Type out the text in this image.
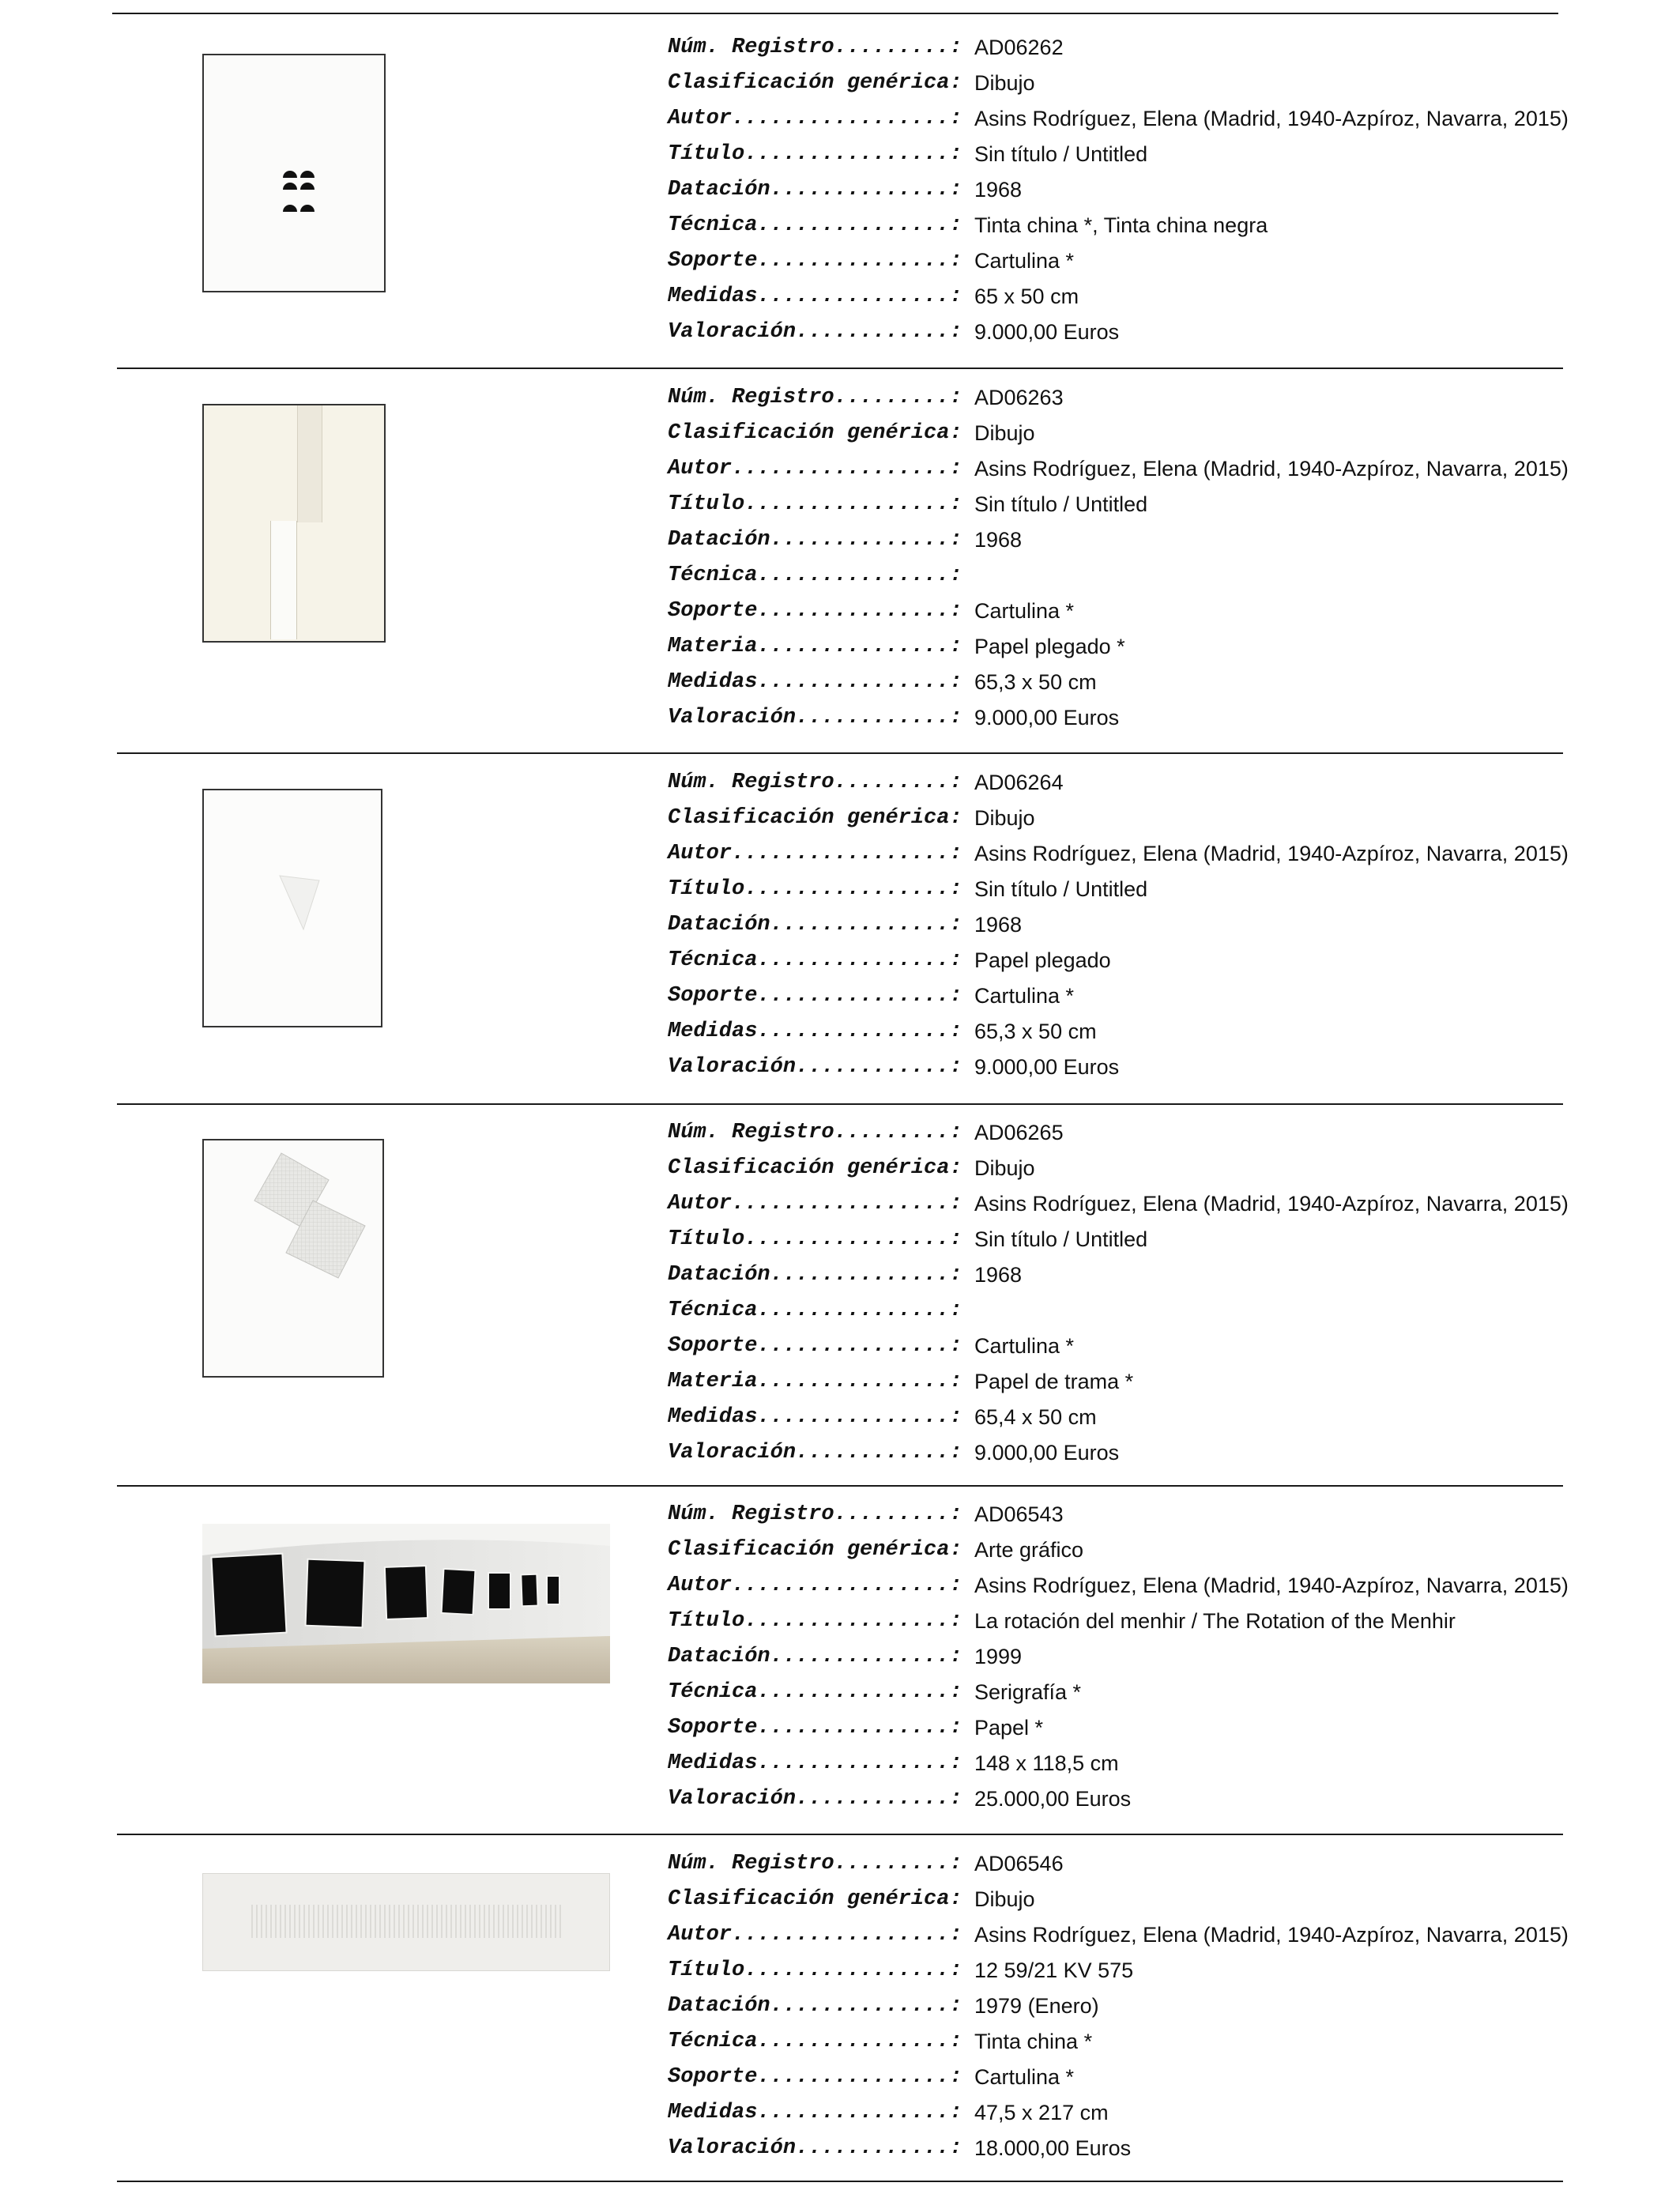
Núm. Registro.........: AD06262
Clasificación genérica: Dibujo
Autor.................: Asins Rodríguez, Elena (Madrid, 1940-Azpíroz, Navarra, 2015)
Título................: Sin título / Untitled
Datación..............: 1968
Técnica...............: Tinta china *, Tinta china negra
Soporte...............: Cartulina *
Medidas...............: 65 x 50 cm
Valoración............: 9.000,00 Euros
Núm. Registro.........: AD06263
Clasificación genérica: Dibujo
Autor.................: Asins Rodríguez, Elena (Madrid, 1940-Azpíroz, Navarra, 2015)
Título................: Sin título / Untitled
Datación..............: 1968
Técnica...............:
Soporte...............: Cartulina *
Materia...............: Papel plegado *
Medidas...............: 65,3 x 50 cm
Valoración............: 9.000,00 Euros
Núm. Registro.........: AD06264
Clasificación genérica: Dibujo
Autor.................: Asins Rodríguez, Elena (Madrid, 1940-Azpíroz, Navarra, 2015)
Título................: Sin título / Untitled
Datación..............: 1968
Técnica...............: Papel plegado
Soporte...............: Cartulina *
Medidas...............: 65,3 x 50 cm
Valoración............: 9.000,00 Euros
Núm. Registro.........: AD06265
Clasificación genérica: Dibujo
Autor.................: Asins Rodríguez, Elena (Madrid, 1940-Azpíroz, Navarra, 2015)
Título................: Sin título / Untitled
Datación..............: 1968
Técnica...............:
Soporte...............: Cartulina *
Materia...............: Papel de trama *
Medidas...............: 65,4 x 50 cm
Valoración............: 9.000,00 Euros
Núm. Registro.........: AD06543
Clasificación genérica: Arte gráfico
Autor.................: Asins Rodríguez, Elena (Madrid, 1940-Azpíroz, Navarra, 2015)
Título................: La rotación del menhir / The Rotation of the Menhir
Datación..............: 1999
Técnica...............: Serigrafía *
Soporte...............: Papel *
Medidas...............: 148 x 118,5 cm
Valoración............: 25.000,00 Euros
Núm. Registro.........: AD06546
Clasificación genérica: Dibujo
Autor.................: Asins Rodríguez, Elena (Madrid, 1940-Azpíroz, Navarra, 2015)
Título................: 12 59/21 KV 575
Datación..............: 1979 (Enero)
Técnica...............: Tinta china *
Soporte...............: Cartulina *
Medidas...............: 47,5 x 217 cm
Valoración............: 18.000,00 Euros
